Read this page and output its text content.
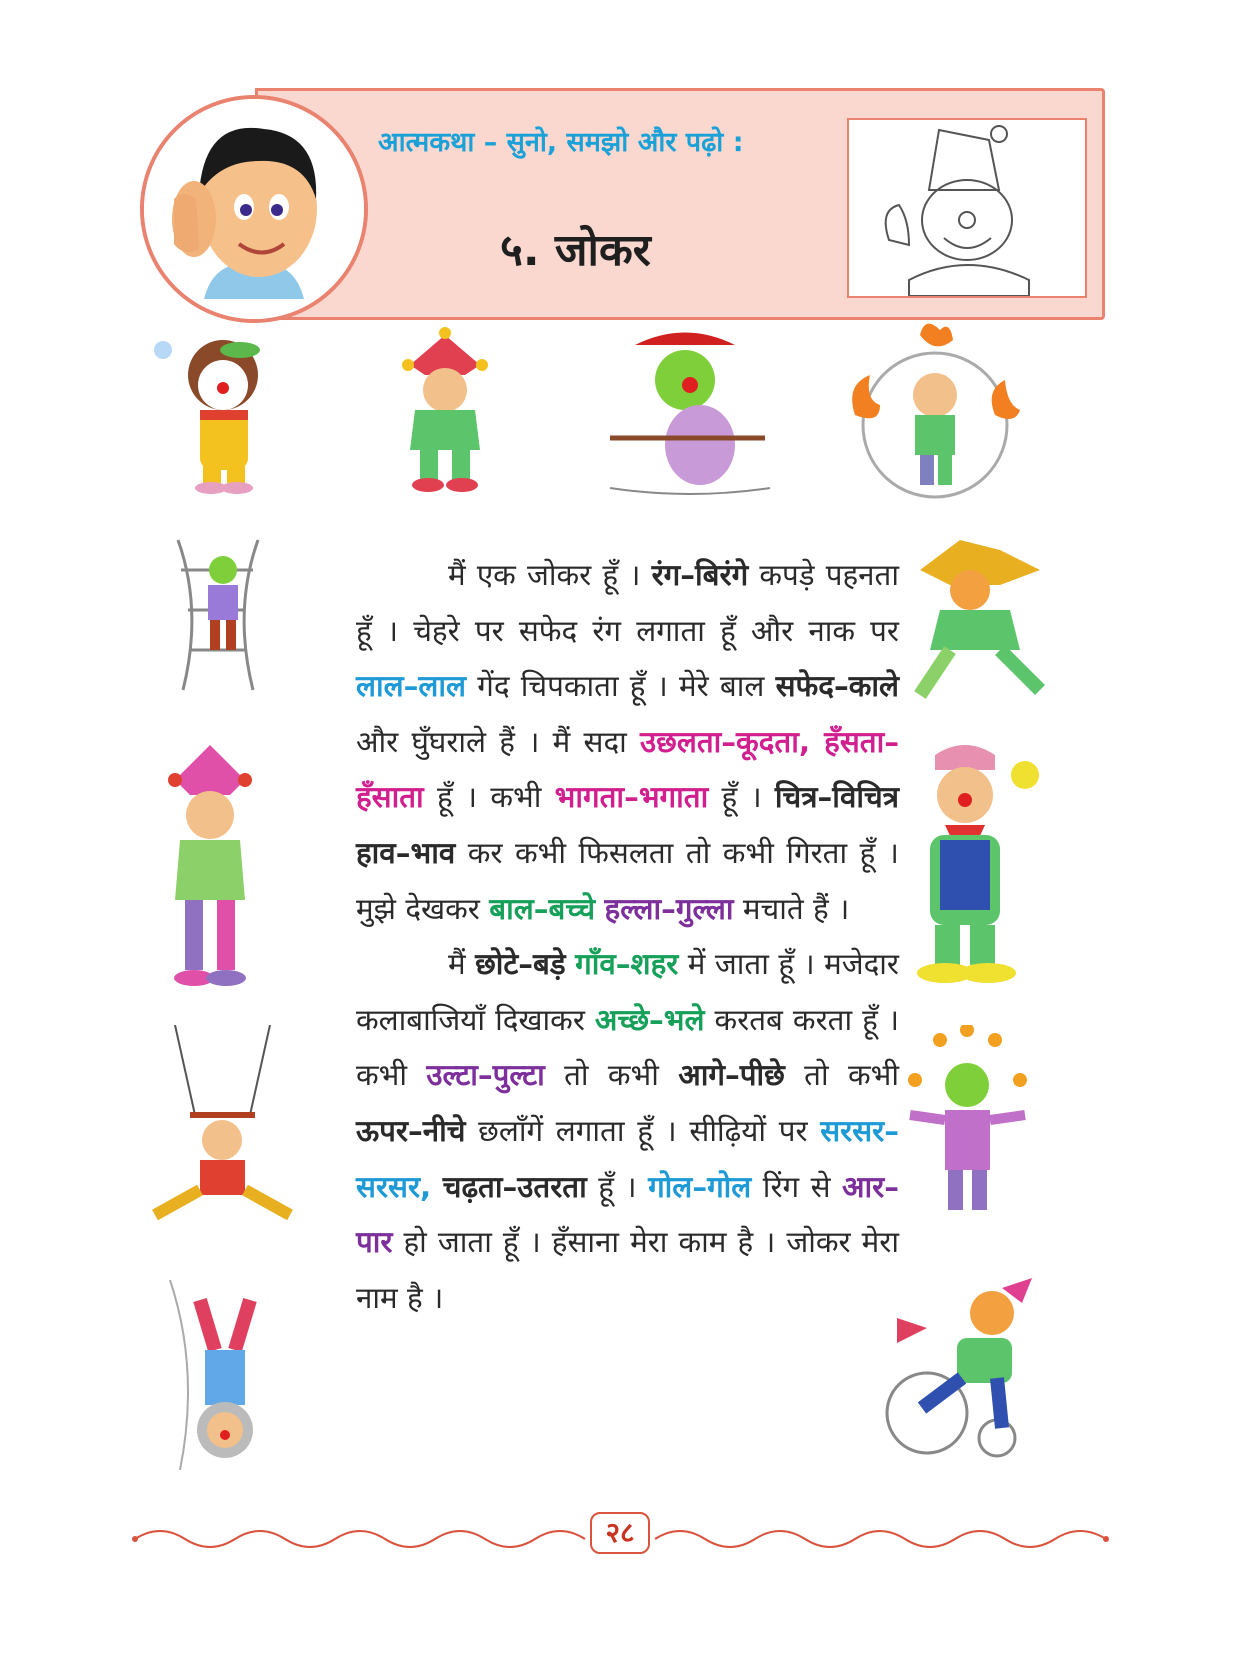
आत्मकथा – सुनो, समझो और पढ़ो :
५. जोकर

मैं एक जोकर हूँ । रंग–बिरंगे कपड़े पहनता हूँ । चेहरे पर सफेद रंग लगाता हूँ और नाक पर लाल–लाल गेंद चिपकाता हूँ । मेरे बाल सफेद–काले और घुँघराले हैं । मैं सदा उछलता–कूदता, हँसता–हँसाता हूँ । कभी भागता–भगाता हूँ । चित्र–विचित्र हाव–भाव कर कभी फिसलता तो कभी गिरता हूँ । मुझे देखकर बाल–बच्चे हल्ला–गुल्ला मचाते हैं ।

मैं छोटे–बड़े गाँव–शहर में जाता हूँ । मजेदार कलाबाजियाँ दिखाकर अच्छे–भले करतब करता हूँ । कभी उल्टा–पुल्टा तो कभी आगे–पीछे तो कभी ऊपर–नीचे छलाँगें लगाता हूँ । सीढ़ियों पर सरसर–सरसर, चढ़ता–उतरता हूँ । गोल–गोल रिंग से आर–पार हो जाता हूँ । हँसाना मेरा काम है । जोकर मेरा नाम है ।

२८
